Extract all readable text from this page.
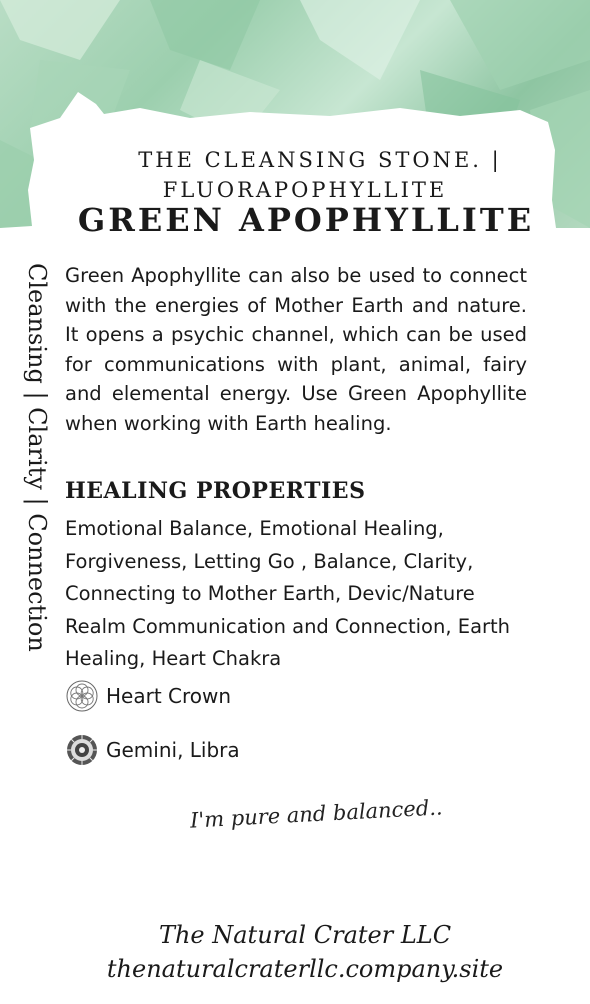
THE CLEANSING STONE. |
FLUORAPOPHYLLITE
GREEN APOPHYLLITE
Cleansing | Clarity | Connection Green Apophyllite can also be used to connect with the energies of Mother Earth and nature. It opens a psychic channel, which can be used for communications with plant, animal, fairy and elemental energy. Use Green Apophyllite when working with Earth healing.

HEALING PROPERTIES

Emotional Balance, Emotional Healing, Forgiveness, Letting Go , Balance, Clarity, Connecting to Mother Earth, Devic/Nature Realm Communication and Connection, Earth Healing, Heart Chakra

Heart Crown
Gemini, Libra
I'm pure and balanced..
The Natural Crater LLC
thenaturalcraterllc.company.site
